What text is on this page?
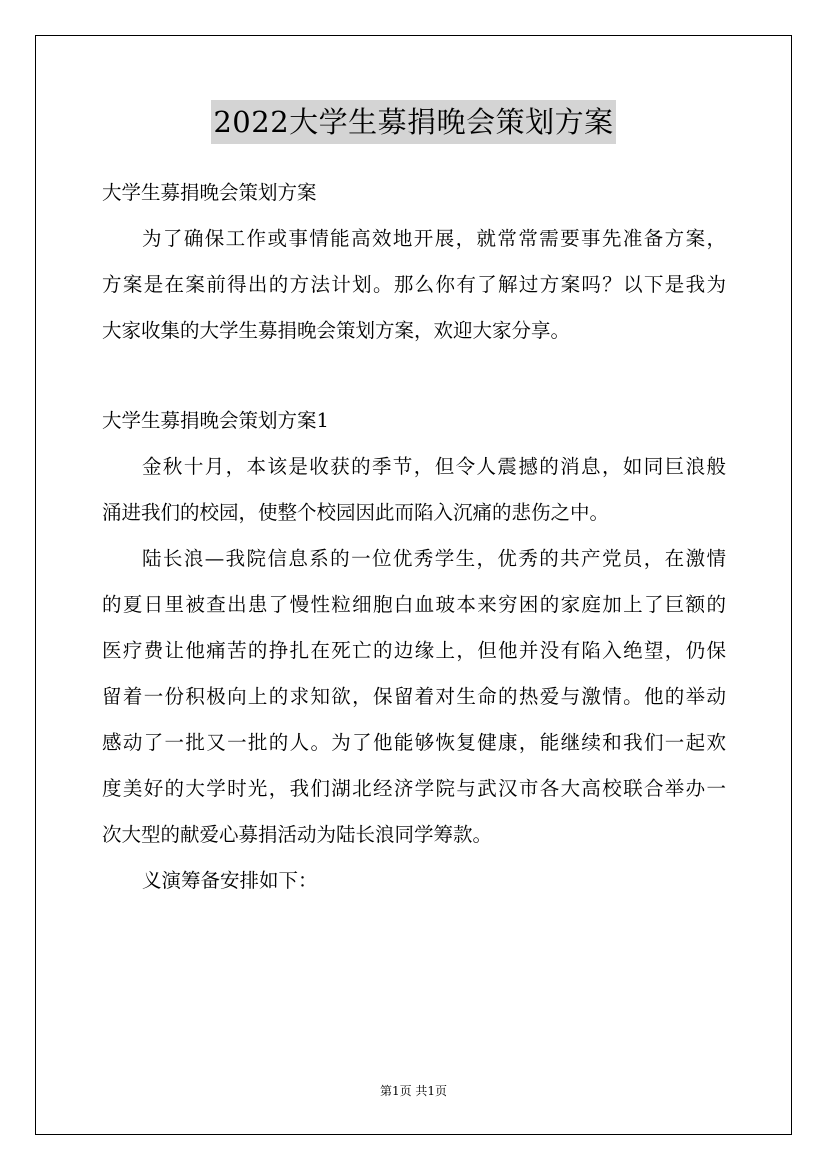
2022大学生募捐晚会策划方案
大学生募捐晚会策划方案
为了确保工作或事情能高效地开展，就常常需要事先准备方案，
方案是在案前得出的方法计划。那么你有了解过方案吗？以下是我为
大家收集的大学生募捐晚会策划方案，欢迎大家分享。
大学生募捐晚会策划方案1
金秋十月，本该是收获的季节，但令人震撼的消息，如同巨浪般
涌进我们的校园，使整个校园因此而陷入沉痛的悲伤之中。
陆长浪—我院信息系的一位优秀学生，优秀的共产党员，在激情
的夏日里被查出患了慢性粒细胞白血玻本来穷困的家庭加上了巨额的
医疗费让他痛苦的挣扎在死亡的边缘上，但他并没有陷入绝望，仍保
留着一份积极向上的求知欲，保留着对生命的热爱与激情。他的举动
感动了一批又一批的人。为了他能够恢复健康，能继续和我们一起欢
度美好的大学时光，我们湖北经济学院与武汉市各大高校联合举办一
次大型的献爱心募捐活动为陆长浪同学筹款。
义演筹备安排如下：
第1页 共1页
